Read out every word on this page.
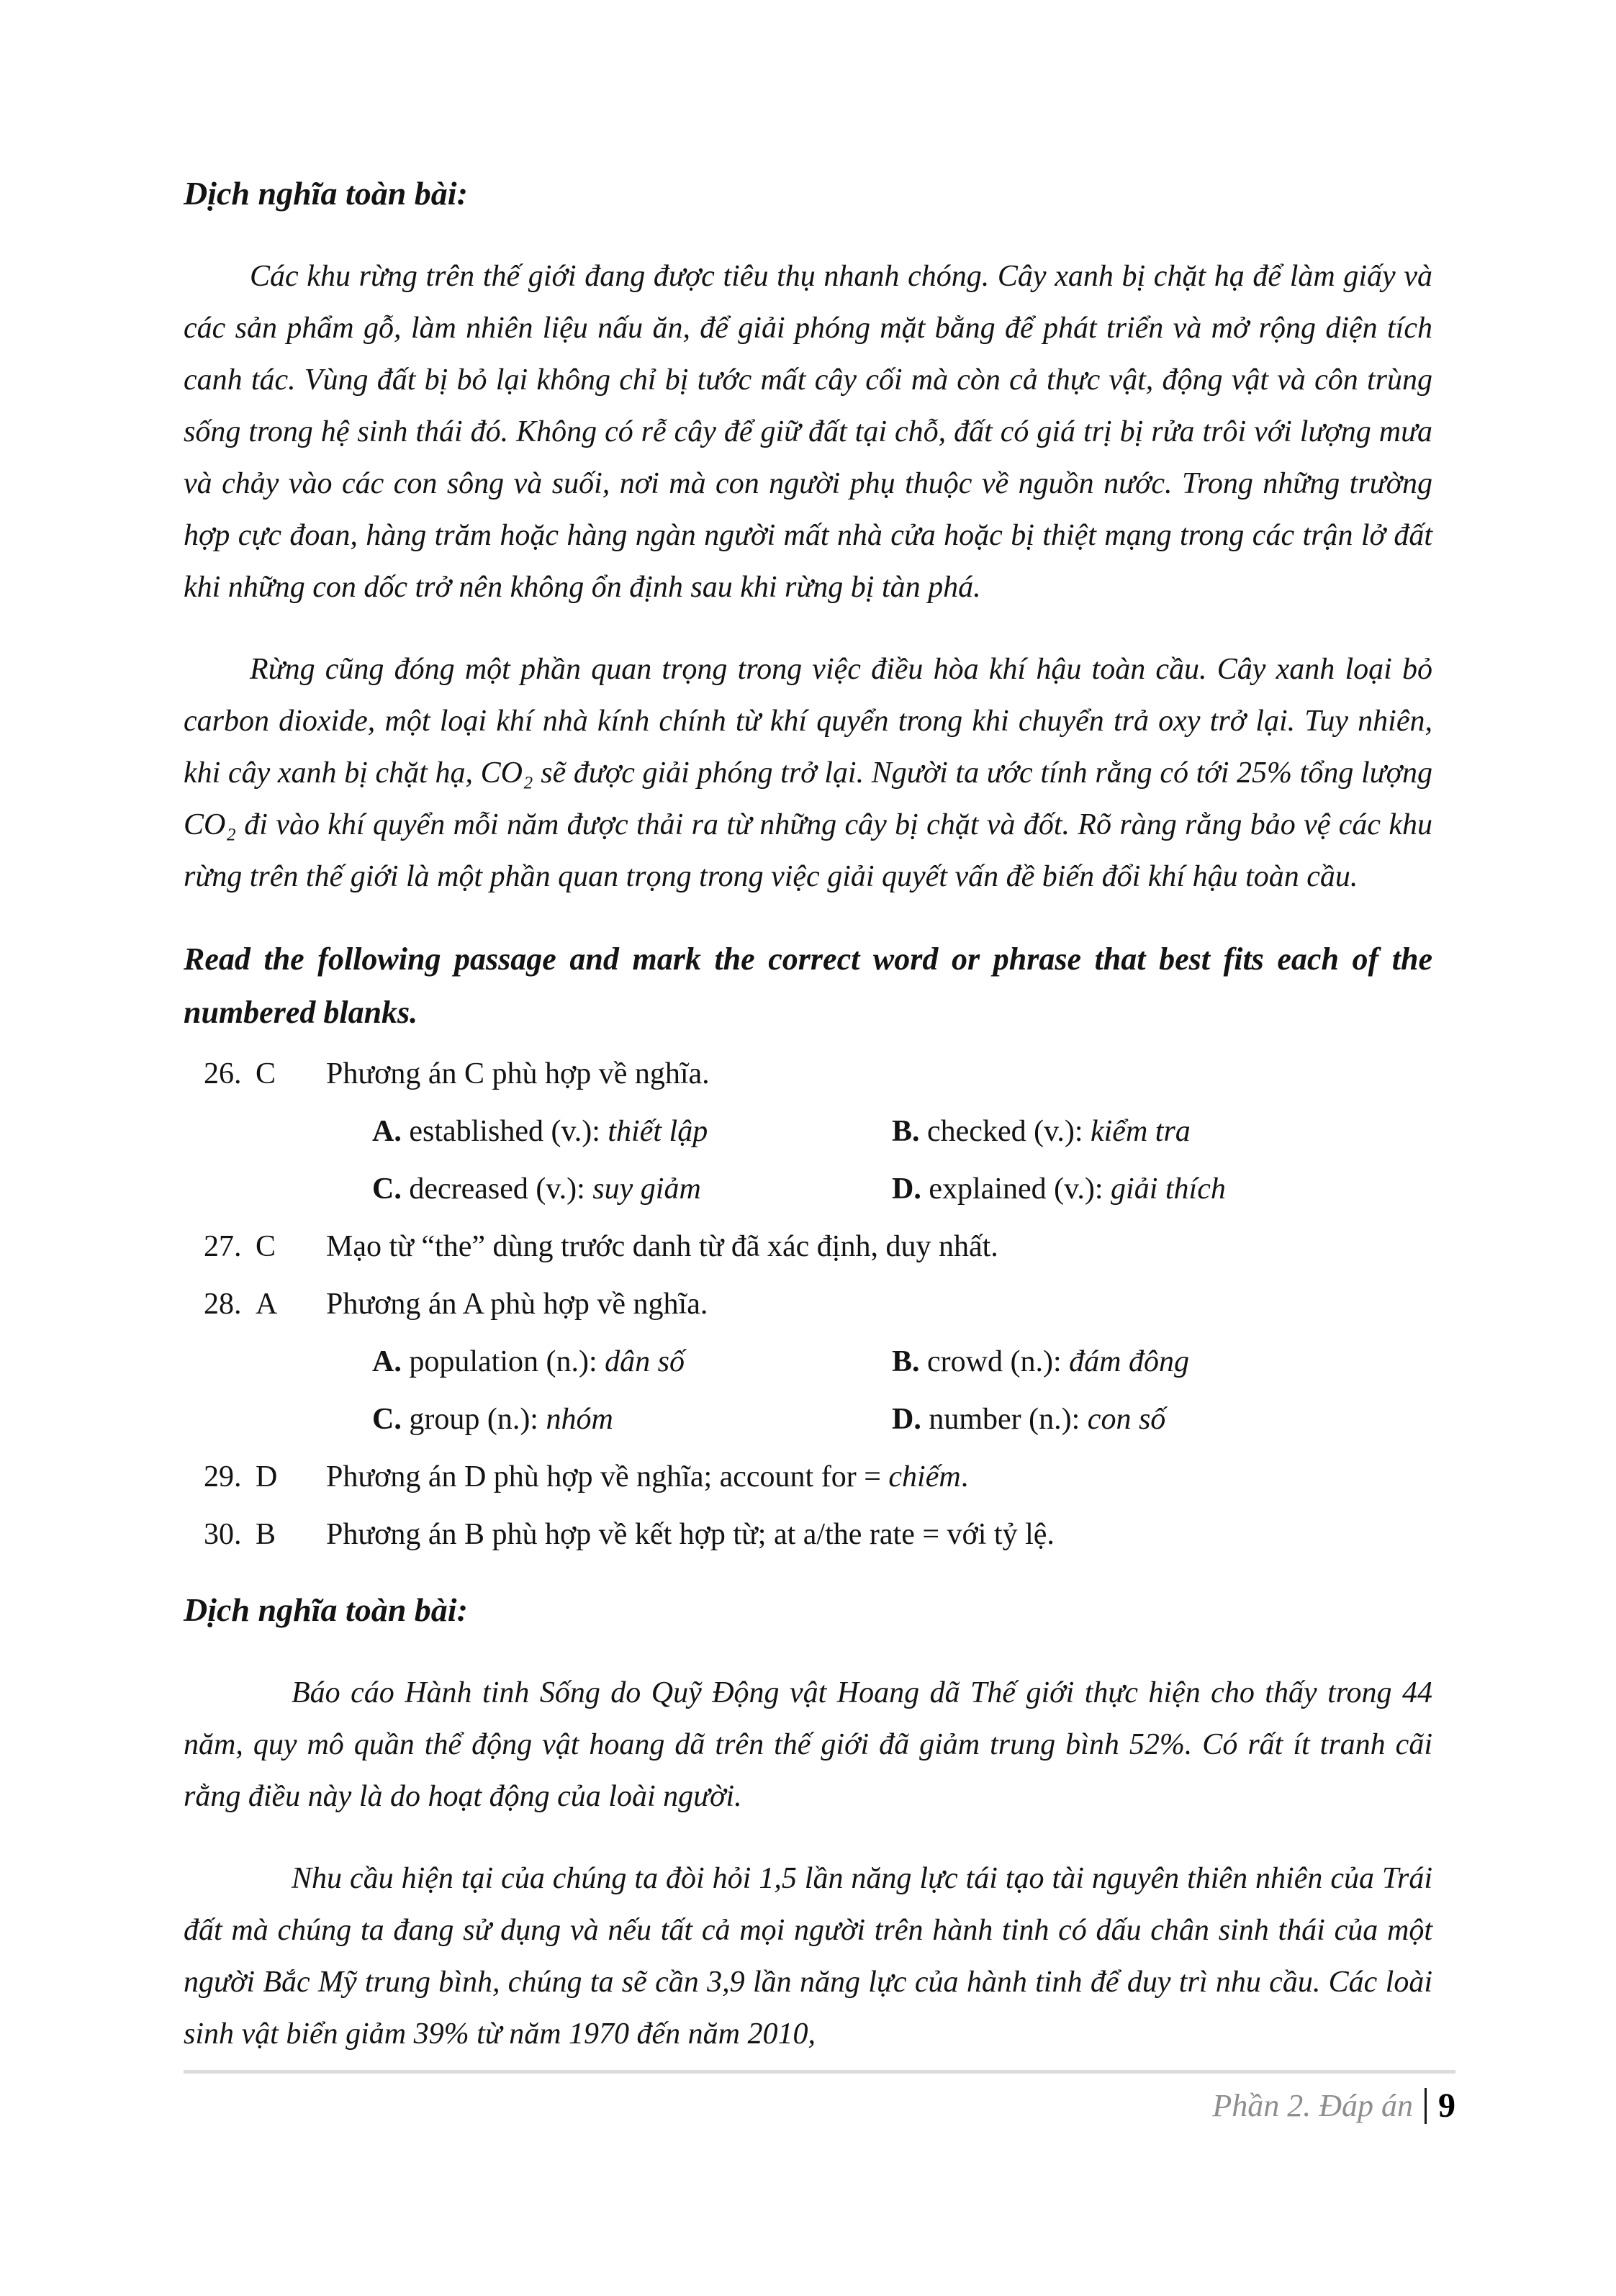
Dịch nghĩa toàn bài:

Các khu rừng trên thế giới đang được tiêu thụ nhanh chóng. Cây xanh bị chặt hạ để làm giấy và các sản phẩm gỗ, làm nhiên liệu nấu ăn, để giải phóng mặt bằng để phát triển và mở rộng diện tích canh tác. Vùng đất bị bỏ lại không chỉ bị tước mất cây cối mà còn cả thực vật, động vật và côn trùng sống trong hệ sinh thái đó. Không có rễ cây để giữ đất tại chỗ, đất có giá trị bị rửa trôi với lượng mưa và chảy vào các con sông và suối, nơi mà con người phụ thuộc về nguồn nước. Trong những trường hợp cực đoan, hàng trăm hoặc hàng ngàn người mất nhà cửa hoặc bị thiệt mạng trong các trận lở đất khi những con dốc trở nên không ổn định sau khi rừng bị tàn phá.

Rừng cũng đóng một phần quan trọng trong việc điều hòa khí hậu toàn cầu. Cây xanh loại bỏ carbon dioxide, một loại khí nhà kính chính từ khí quyển trong khi chuyển trả oxy trở lại. Tuy nhiên, khi cây xanh bị chặt hạ, CO₂ sẽ được giải phóng trở lại. Người ta ước tính rằng có tới 25% tổng lượng CO₂ đi vào khí quyển mỗi năm được thải ra từ những cây bị chặt và đốt. Rõ ràng rằng bảo vệ các khu rừng trên thế giới là một phần quan trọng trong việc giải quyết vấn đề biến đổi khí hậu toàn cầu.

Read the following passage and mark the correct word or phrase that best fits each of the numbered blanks.
26. C	Phương án C phù hợp về nghĩa.
A. established (v.): thiết lập	B. checked (v.): kiểm tra
C. decreased (v.): suy giảm	D. explained (v.): giải thích
27. C	Mạo từ “the” dùng trước danh từ đã xác định, duy nhất.
28. A	Phương án A phù hợp về nghĩa.
A. population (n.): dân số	B. crowd (n.): đám đông
C. group (n.): nhóm	D. number (n.): con số
29. D	Phương án D phù hợp về nghĩa; account for = chiếm.
30. B	Phương án B phù hợp về kết hợp từ; at a/the rate = với tỷ lệ.
Dịch nghĩa toàn bài:

Báo cáo Hành tinh Sống do Quỹ Động vật Hoang dã Thế giới thực hiện cho thấy trong 44 năm, quy mô quần thể động vật hoang dã trên thế giới đã giảm trung bình 52%. Có rất ít tranh cãi rằng điều này là do hoạt động của loài người.

Nhu cầu hiện tại của chúng ta đòi hỏi 1,5 lần năng lực tái tạo tài nguyên thiên nhiên của Trái đất mà chúng ta đang sử dụng và nếu tất cả mọi người trên hành tinh có dấu chân sinh thái của một người Bắc Mỹ trung bình, chúng ta sẽ cần 3,9 lần năng lực của hành tinh để duy trì nhu cầu. Các loài sinh vật biển giảm 39% từ năm 1970 đến năm 2010,

Phần 2. Đáp án 9
